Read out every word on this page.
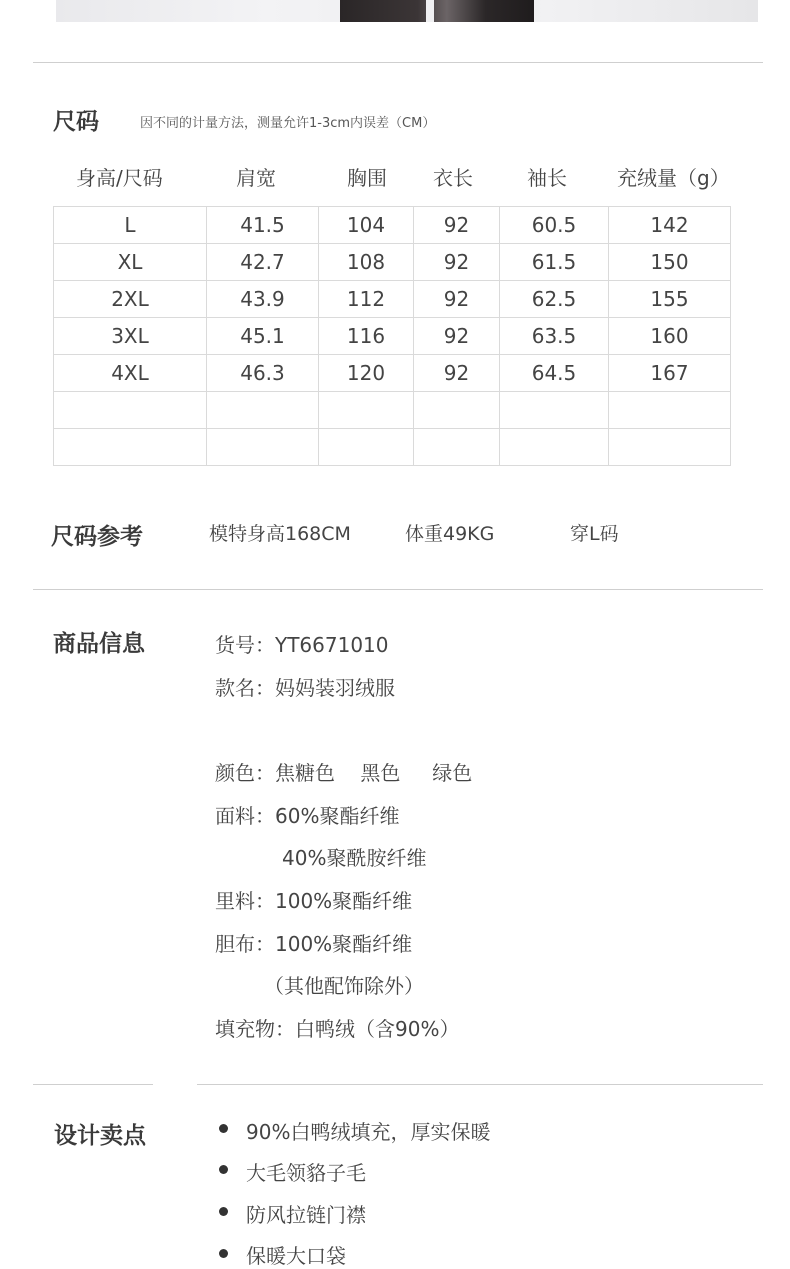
尺码	因不同的计量方法，测量允许1-3cm内误差（CM）
身高/尺码	肩宽	胸围 衣长	袖长	充绒量（g）
L	41.5	104	92	60.5	142
XL	42.7	108	92	61.5	150
2XL	43.9	112	92	62.5	155
3XL	45.1	116	92	63.5	160
4XL	46.3	120	92	64.5	167

尺码参考	模特身高168CM	体重49KG	穿L码
商品信息	货号：YT6671010
款名：妈妈装羽绒服
颜色：焦糖色    黑色     绿色
面料：60%聚酯纤维
40%聚酰胺纤维
里料：100%聚酯纤维
胆布：100%聚酯纤维
（其他配饰除外）
填充物：白鸭绒（含90%）
设计卖点	90%白鸭绒填充，厚实保暖
大毛领貉子毛
防风拉链门襟
保暖大口袋
